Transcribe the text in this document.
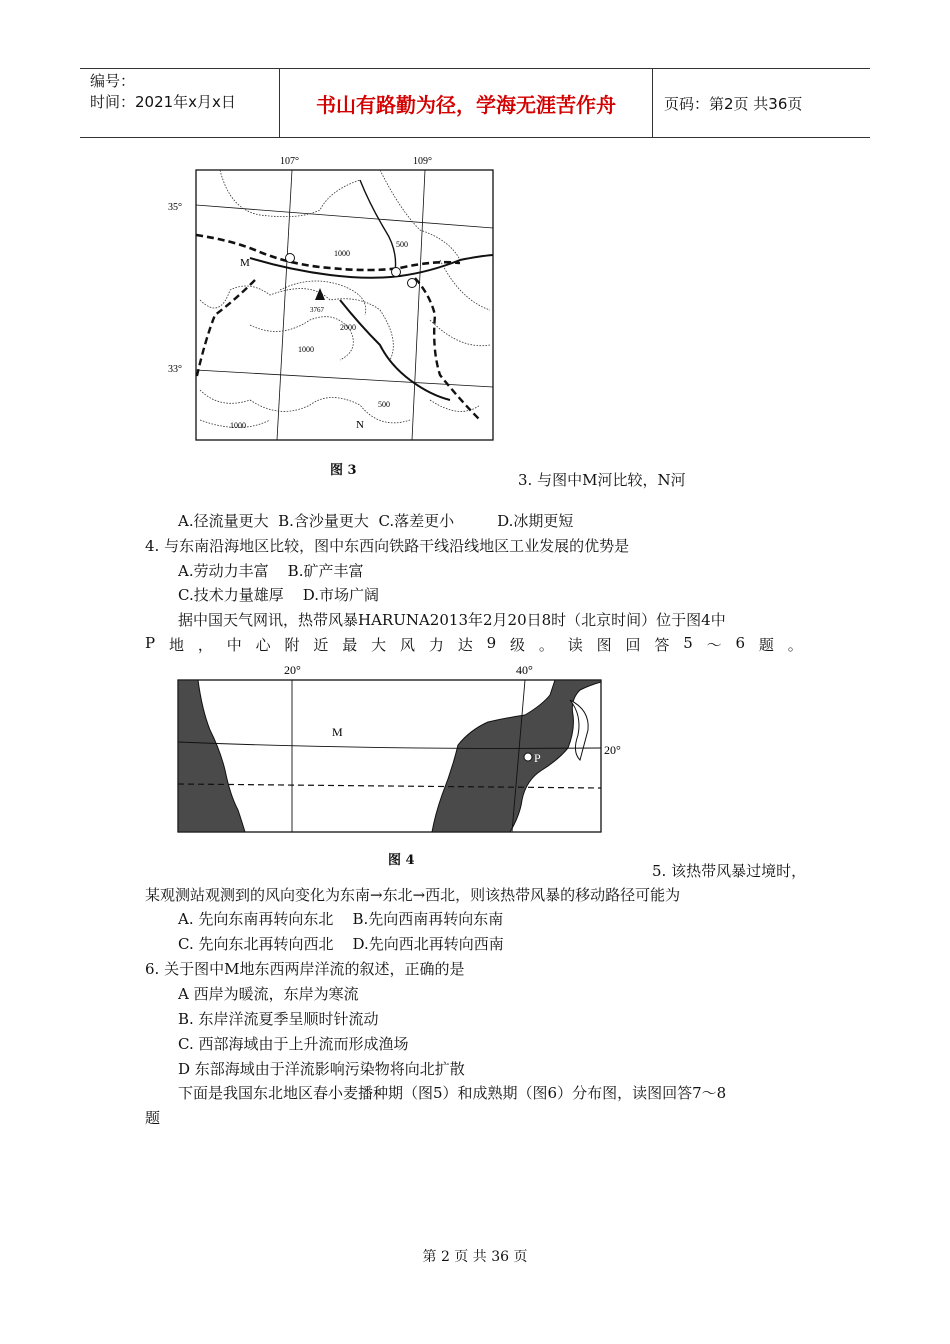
编号：
时间：2021年x月x日	书山有路勤为径，学海无涯苦作舟	页码：第2页 共36页
107°	109°
35°
33°
1000
500
3767
2000
1000
500
1000
M
N
图 3
3. 与图中M河比较，N河
A.径流量更大  B.含沙量更大  C.落差更小         D.冰期更短
4. 与东南沿海地区比较，图中东西向铁路干线沿线地区工业发展的优势是
A.劳动力丰富    B.矿产丰富
C.技术力量雄厚    D.市场广阔
据中国天气网讯，热带风暴HARUNA2013年2月20日8时（北京时间）位于图4中
P 地 ， 中 心 附 近 最 大 风 力 达 9 级 。 读 图 回 答 5 ～ 6 题 。
20°	40°
20°
M
P
图 4
5. 该热带风暴过境时，
某观测站观测到的风向变化为东南→东北→西北，则该热带风暴的移动路径可能为
A. 先向东南再转向东北    B.先向西南再转向东南
C. 先向东北再转向西北    D.先向西北再转向西南
6. 关于图中M地东西两岸洋流的叙述，正确的是
A 西岸为暖流，东岸为寒流
B. 东岸洋流夏季呈顺时针流动
C. 西部海域由于上升流而形成渔场
D 东部海域由于洋流影响污染物将向北扩散
下面是我国东北地区春小麦播种期（图5）和成熟期（图6）分布图，读图回答7～8
题
第 2 页 共 36 页
